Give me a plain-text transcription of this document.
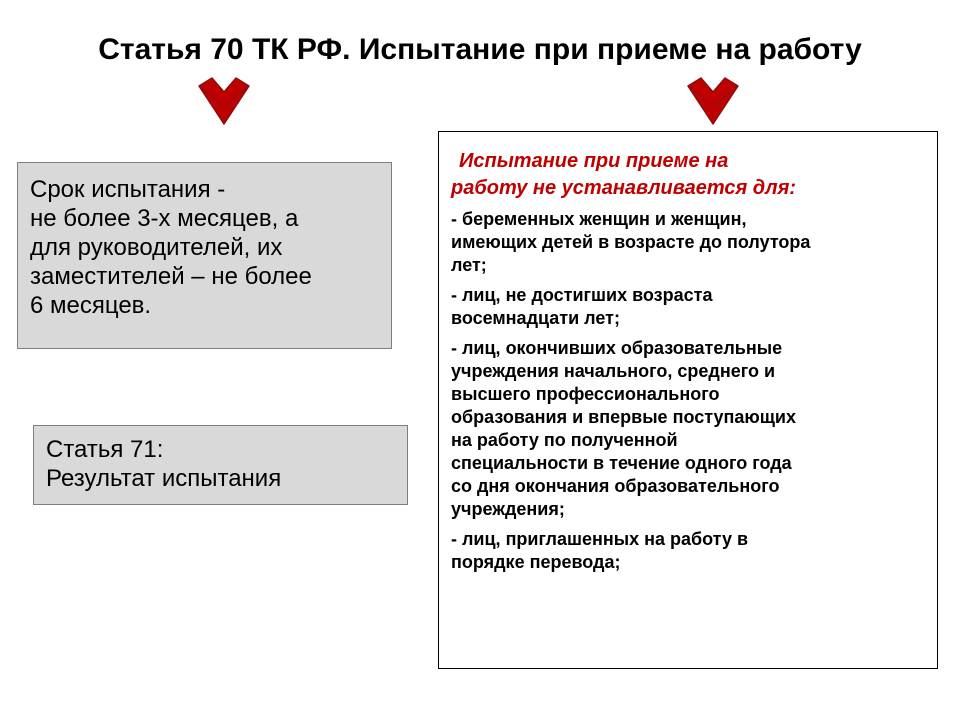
Статья 70 ТК РФ. Испытание при приеме на работу
Срок испытания -
не более 3-х месяцев, а
для руководителей, их
заместителей – не более
6 месяцев.
Статья 71:
Результат испытания
Испытание при приеме на
работу не устанавливается для:
- беременных женщин и женщин,
имеющих детей в возрасте до полутора
лет;
- лиц, не достигших возраста
восемнадцати лет;
- лиц, окончивших образовательные
учреждения начального, среднего и
высшего профессионального
образования и впервые поступающих
на работу по полученной
специальности в течение одного года
со дня окончания образовательного
учреждения;
- лиц, приглашенных на работу в
порядке перевода;
